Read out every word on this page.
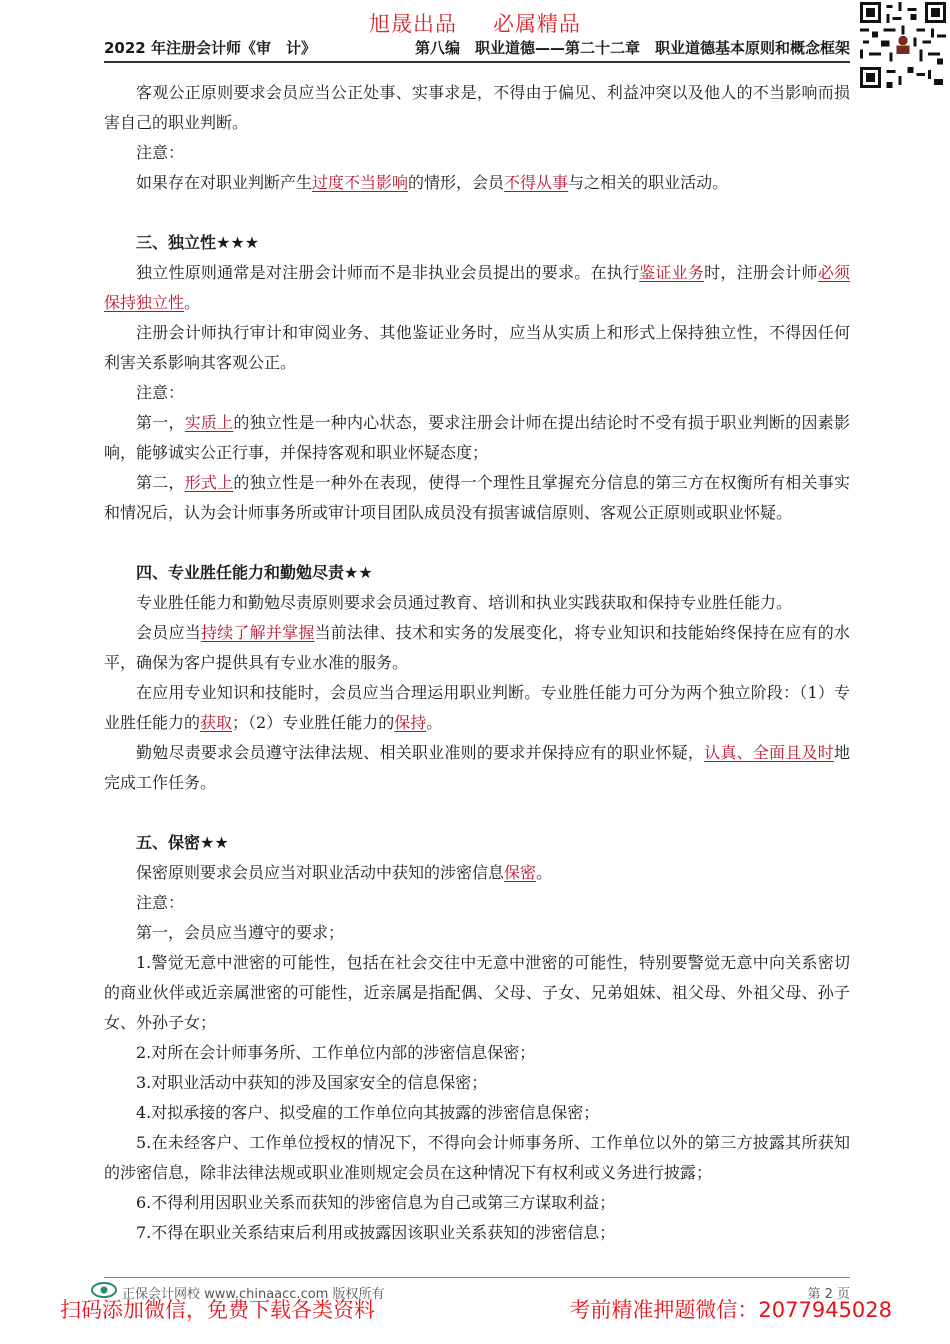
旭晟出品 必属精品
2022 年注册会计师《审　计》	第八编　职业道德——第二十二章　职业道德基本原则和概念框架

客观公正原则要求会员应当公正处事、实事求是，不得由于偏见、利益冲突以及他人的不当影响而损害自己的职业判断。

注意：

如果存在对职业判断产生过度不当影响的情形，会员不得从事与之相关的职业活动。

三、独立性★★★

独立性原则通常是对注册会计师而不是非执业会员提出的要求。在执行鉴证业务时，注册会计师必须保持独立性。

注册会计师执行审计和审阅业务、其他鉴证业务时，应当从实质上和形式上保持独立性，不得因任何利害关系影响其客观公正。

注意：

第一，实质上的独立性是一种内心状态，要求注册会计师在提出结论时不受有损于职业判断的因素影响，能够诚实公正行事，并保持客观和职业怀疑态度；

第二，形式上的独立性是一种外在表现，使得一个理性且掌握充分信息的第三方在权衡所有相关事实和情况后，认为会计师事务所或审计项目团队成员没有损害诚信原则、客观公正原则或职业怀疑。

四、专业胜任能力和勤勉尽责★★

专业胜任能力和勤勉尽责原则要求会员通过教育、培训和执业实践获取和保持专业胜任能力。

会员应当持续了解并掌握当前法律、技术和实务的发展变化，将专业知识和技能始终保持在应有的水平，确保为客户提供具有专业水准的服务。

在应用专业知识和技能时，会员应当合理运用职业判断。专业胜任能力可分为两个独立阶段：（1）专业胜任能力的获取；（2）专业胜任能力的保持。

勤勉尽责要求会员遵守法律法规、相关职业准则的要求并保持应有的职业怀疑，认真、全面且及时地完成工作任务。

五、保密★★

保密原则要求会员应当对职业活动中获知的涉密信息保密。

注意：

第一，会员应当遵守的要求；

1.警觉无意中泄密的可能性，包括在社会交往中无意中泄密的可能性，特别要警觉无意中向关系密切的商业伙伴或近亲属泄密的可能性，近亲属是指配偶、父母、子女、兄弟姐妹、祖父母、外祖父母、孙子女、外孙子女；

2.对所在会计师事务所、工作单位内部的涉密信息保密；

3.对职业活动中获知的涉及国家安全的信息保密；

4.对拟承接的客户、拟受雇的工作单位向其披露的涉密信息保密；

5.在未经客户、工作单位授权的情况下，不得向会计师事务所、工作单位以外的第三方披露其所获知的涉密信息，除非法律法规或职业准则规定会员在这种情况下有权利或义务进行披露；

6.不得利用因职业关系而获知的涉密信息为自己或第三方谋取利益；

7.不得在职业关系结束后利用或披露因该职业关系获知的涉密信息；

正保会计网校 www.chinaacc.com 版权所有	第 2 页
扫码添加微信，免费下载各类资料	考前精准押题微信：2077945028
